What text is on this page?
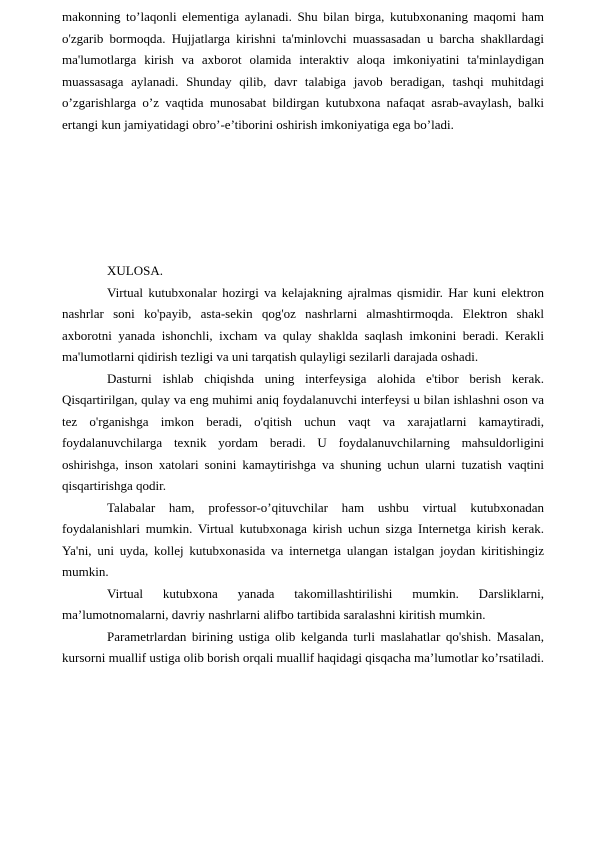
makonning to’laqonli elementiga aylanadi. Shu bilan birga, kutubxonaning maqomi ham o'zgarib bormoqda. Hujjatlarga kirishni ta'minlovchi muassasadan u barcha shakllardagi ma'lumotlarga kirish va axborot olamida interaktiv aloqa imkoniyatini ta'minlaydigan muassasaga aylanadi. Shunday qilib, davr talabiga javob beradigan, tashqi muhitdagi o’zgarishlarga o’z vaqtida munosabat bildirgan kutubxona nafaqat asrab-avaylash, balki ertangi kun jamiyatidagi obro’-e’tiborini oshirish imkoniyatiga ega bo’ladi.

XULOSA.

Virtual kutubxonalar hozirgi va kelajakning ajralmas qismidir. Har kuni elektron nashrlar soni ko'payib, asta-sekin qog'oz nashrlarni almashtirmoqda. Elektron shakl axborotni yanada ishonchli, ixcham va qulay shaklda saqlash imkonini beradi. Kerakli ma'lumotlarni qidirish tezligi va uni tarqatish qulayligi sezilarli darajada oshadi.

Dasturni ishlab chiqishda uning interfeysiga alohida e'tibor berish kerak. Qisqartirilgan, qulay va eng muhimi aniq foydalanuvchi interfeysi u bilan ishlashni oson va tez o'rganishga imkon beradi, o'qitish uchun vaqt va xarajatlarni kamaytiradi, foydalanuvchilarga texnik yordam beradi. U foydalanuvchilarning mahsuldorligini oshirishga, inson xatolari sonini kamaytirishga va shuning uchun ularni tuzatish vaqtini qisqartirishga qodir.

Talabalar ham, professor-o’qituvchilar ham ushbu virtual kutubxonadan foydalanishlari mumkin. Virtual kutubxonaga kirish uchun sizga Internetga kirish kerak. Ya'ni, uni uyda, kollej kutubxonasida va internetga ulangan istalgan joydan kiritishingiz mumkin.

Virtual kutubxona yanada takomillashtirilishi mumkin. Darsliklarni, ma’lumotnomalarni, davriy nashrlarni alifbo tartibida saralashni kiritish mumkin.

Parametrlardan birining ustiga olib kelganda turli maslahatlar qo'shish. Masalan, kursorni muallif ustiga olib borish orqali muallif haqidagi qisqacha ma’lumotlar ko’rsatiladi.
